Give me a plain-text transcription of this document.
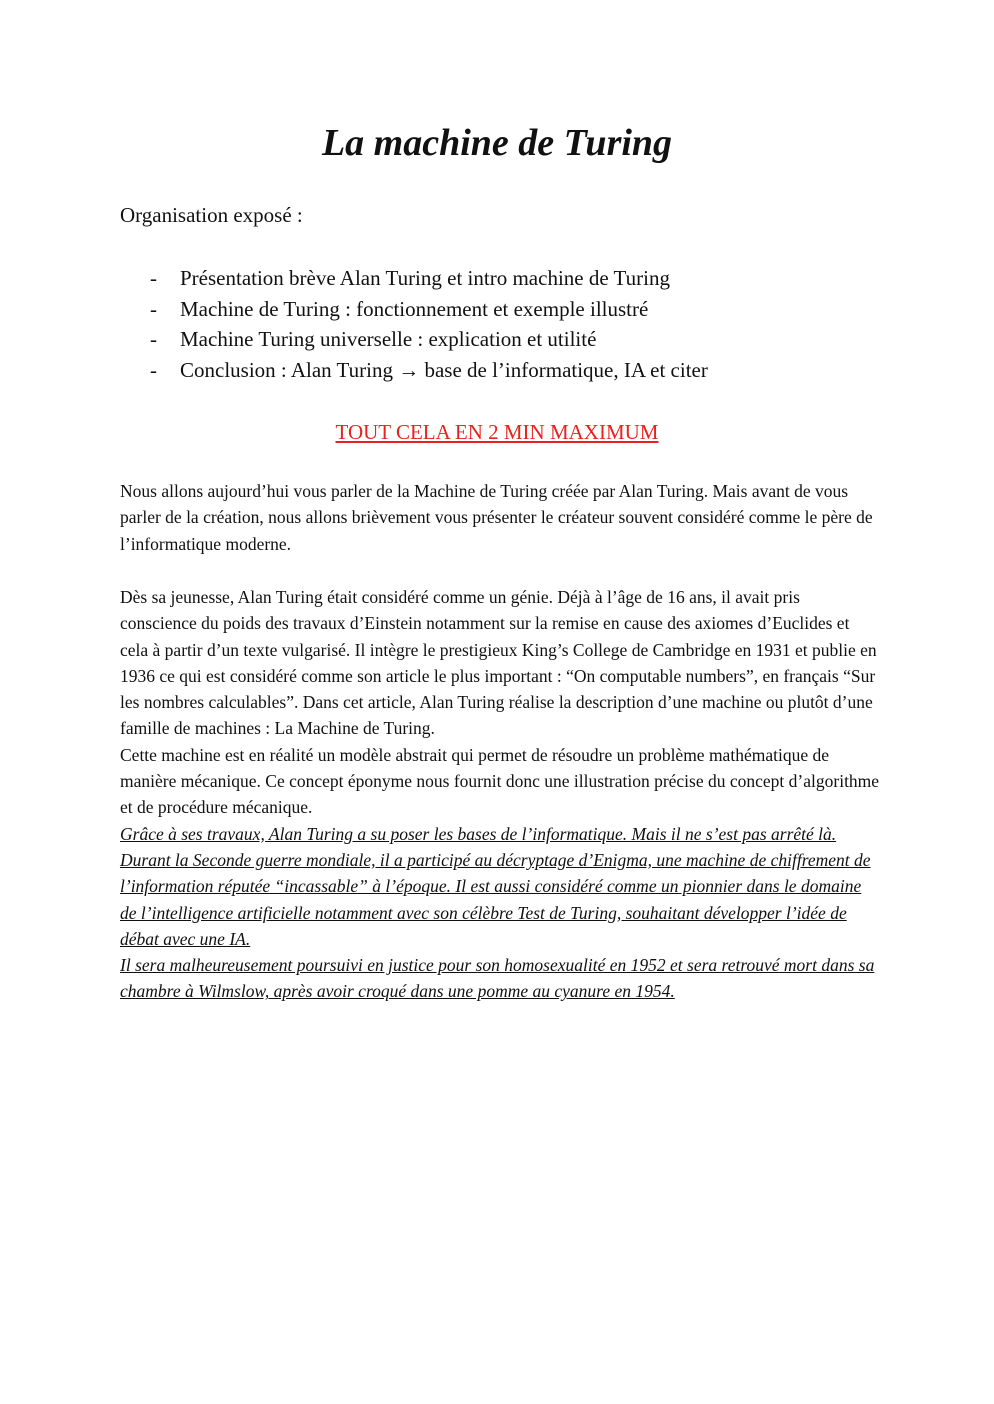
La machine de Turing

Organisation exposé :

- Présentation brève Alan Turing et intro machine de Turing
- Machine de Turing : fonctionnement et exemple illustré
- Machine Turing universelle : explication et utilité
- Conclusion : Alan Turing → base de l’informatique, IA et citer

TOUT CELA EN 2 MIN MAXIMUM

Nous allons aujourd’hui vous parler de la Machine de Turing créée par Alan Turing. Mais avant de vous parler de la création, nous allons brièvement vous présenter le créateur souvent considéré comme le père de l’informatique moderne.

Dès sa jeunesse, Alan Turing était considéré comme un génie. Déjà à l’âge de 16 ans, il avait pris conscience du poids des travaux d’Einstein notamment sur la remise en cause des axiomes d’Euclides et cela à partir d’un texte vulgarisé. Il intègre le prestigieux King’s College de Cambridge en 1931 et publie en 1936 ce qui est considéré comme son article le plus important : “On computable numbers”, en français “Sur les nombres calculables”. Dans cet article, Alan Turing réalise la description d’une machine ou plutôt d’une famille de machines : La Machine de Turing.
Cette machine est en réalité un modèle abstrait qui permet de résoudre un problème mathématique de manière mécanique. Ce concept éponyme nous fournit donc une illustration précise du concept d’algorithme et de procédure mécanique.
Grâce à ses travaux, Alan Turing a su poser les bases de l’informatique. Mais il ne s’est pas arrêté là. Durant la Seconde guerre mondiale, il a participé au décryptage d’Enigma, une machine de chiffrement de l’information réputée “incassable” à l’époque. Il est aussi considéré comme un pionnier dans le domaine de l’intelligence artificielle notamment avec son célèbre Test de Turing, souhaitant développer l’idée de débat avec une IA.
Il sera malheureusement poursuivi en justice pour son homosexualité en 1952 et sera retrouvé mort dans sa chambre à Wilmslow, après avoir croqué dans une pomme au cyanure en 1954.
